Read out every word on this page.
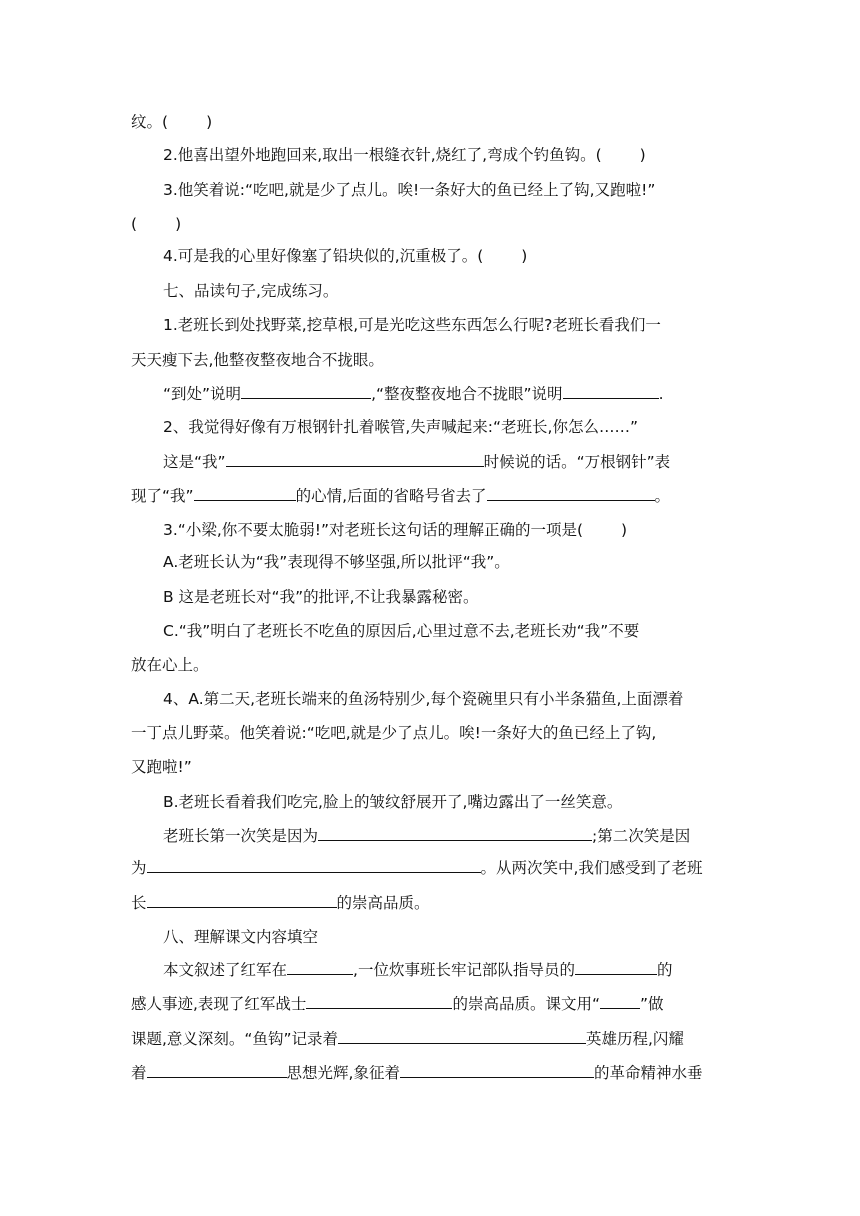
纹。( )
2.他喜出望外地跑回来,取出一根缝衣针,烧红了,弯成个钓鱼钩。( )
3.他笑着说:“吃吧,就是少了点儿。唉!一条好大的鱼已经上了钩,又跑啦!”
( )
4.可是我的心里好像塞了铅块似的,沉重极了。( )
七、品读句子,完成练习。
1.老班长到处找野菜,挖草根,可是光吃这些东西怎么行呢?老班长看我们一
天天瘦下去,他整夜整夜地合不拢眼。
“到处”说明	,“整夜整夜地合不拢眼”说明	.
2、我觉得好像有万根钢针扎着喉管,失声喊起来:“老班长,你怎么……”
这是“我”	时候说的话。“万根钢针”表
现了“我”	的心情,后面的省略号省去了	。
3.“小梁,你不要太脆弱!”对老班长这句话的理解正确的一项是( )
A.老班长认为“我”表现得不够坚强,所以批评“我”。
B 这是老班长对“我”的批评,不让我暴露秘密。
C.“我”明白了老班长不吃鱼的原因后,心里过意不去,老班长劝“我”不要
放在心上。
4、A.第二天,老班长端来的鱼汤特别少,每个瓷碗里只有小半条猫鱼,上面漂着
一丁点儿野菜。他笑着说:“吃吧,就是少了点儿。唉!一条好大的鱼已经上了钩,
又跑啦!”
B.老班长看着我们吃完,脸上的皱纹舒展开了,嘴边露出了一丝笑意。
老班长第一次笑是因为	;第二次笑是因
为	。从两次笑中,我们感受到了老班
长	的崇高品质。
八、理解课文内容填空
本文叙述了红军在	,一位炊事班长牢记部队指导员的	的
感人事迹,表现了红军战士	的崇高品质。课文用“	”做
课题,意义深刻。“鱼钩”记录着	英雄历程,闪耀
着	思想光辉,象征着	的革命精神水垂
